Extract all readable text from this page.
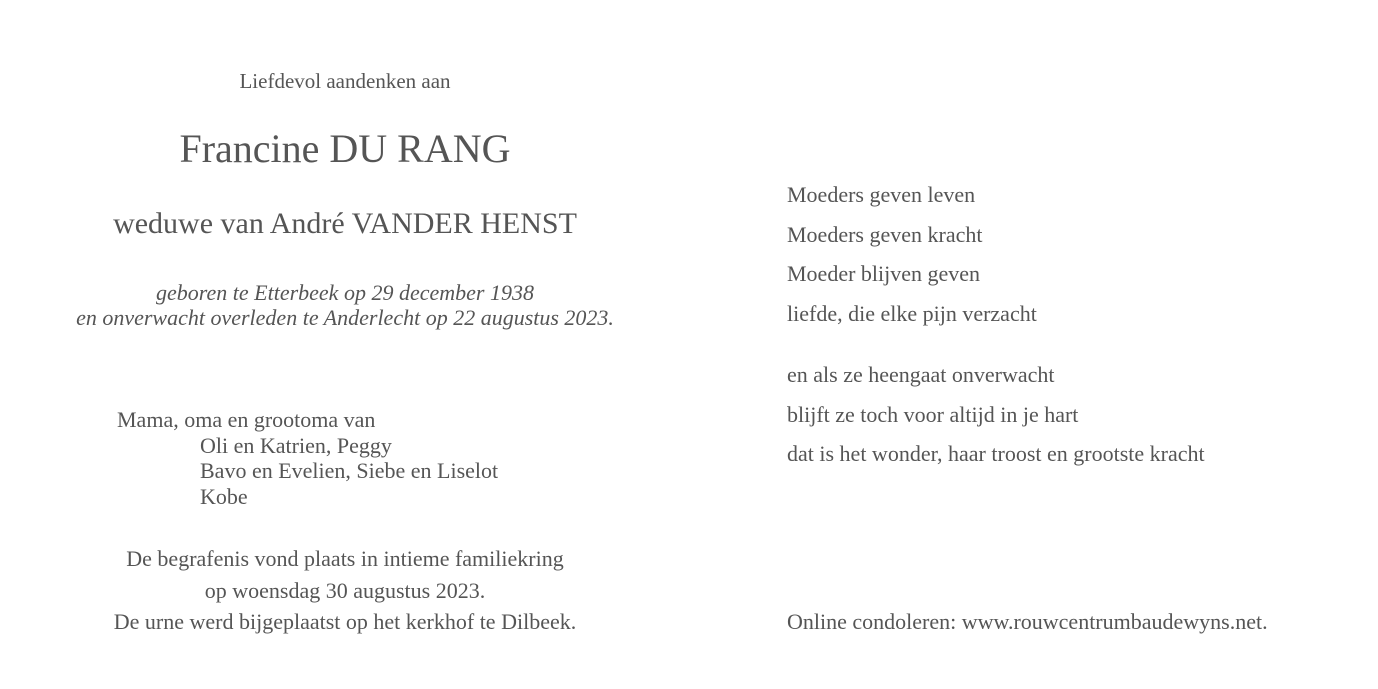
Liefdevol aandenken aan
Francine DU RANG
weduwe van André VANDER HENST
geboren te Etterbeek op 29 december 1938
en onverwacht overleden te Anderlecht op 22 augustus 2023.
Mama, oma en grootoma van
Oli en Katrien, Peggy
Bavo en Evelien, Siebe en Liselot
Kobe
De begrafenis vond plaats in intieme familiekring
op woensdag 30 augustus 2023.
De urne werd bijgeplaatst op het kerkhof te Dilbeek.
Moeders geven leven
Moeders geven kracht
Moeder blijven geven
liefde, die elke pijn verzacht
en als ze heengaat onverwacht
blijft ze toch voor altijd in je hart
dat is het wonder, haar troost en grootste kracht
Online condoleren: www.rouwcentrumbaudewyns.net.
